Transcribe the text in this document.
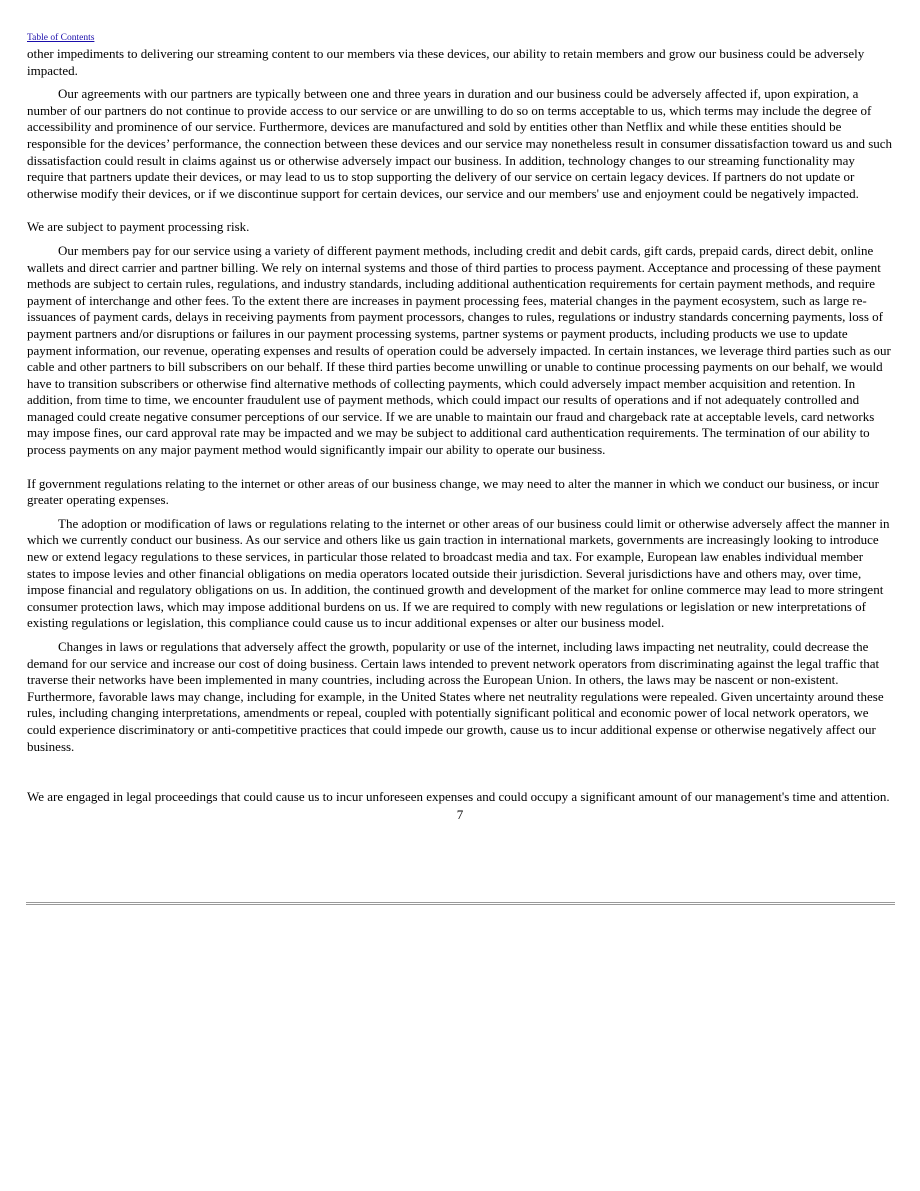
Table of Contents

other impediments to delivering our streaming content to our members via these devices, our ability to retain members and grow our business could be adversely impacted.

Our agreements with our partners are typically between one and three years in duration and our business could be adversely affected if, upon expiration, a number of our partners do not continue to provide access to our service or are unwilling to do so on terms acceptable to us, which terms may include the degree of accessibility and prominence of our service. Furthermore, devices are manufactured and sold by entities other than Netflix and while these entities should be responsible for the devices’ performance, the connection between these devices and our service may nonetheless result in consumer dissatisfaction toward us and such dissatisfaction could result in claims against us or otherwise adversely impact our business. In addition, technology changes to our streaming functionality may require that partners update their devices, or may lead to us to stop supporting the delivery of our service on certain legacy devices. If partners do not update or otherwise modify their devices, or if we discontinue support for certain devices, our service and our members' use and enjoyment could be negatively impacted.

We are subject to payment processing risk.

Our members pay for our service using a variety of different payment methods, including credit and debit cards, gift cards, prepaid cards, direct debit, online wallets and direct carrier and partner billing. We rely on internal systems and those of third parties to process payment. Acceptance and processing of these payment methods are subject to certain rules, regulations, and industry standards, including additional authentication requirements for certain payment methods, and require payment of interchange and other fees. To the extent there are increases in payment processing fees, material changes in the payment ecosystem, such as large re-issuances of payment cards, delays in receiving payments from payment processors, changes to rules, regulations or industry standards concerning payments, loss of payment partners and/or disruptions or failures in our payment processing systems, partner systems or payment products, including products we use to update payment information, our revenue, operating expenses and results of operation could be adversely impacted. In certain instances, we leverage third parties such as our cable and other partners to bill subscribers on our behalf. If these third parties become unwilling or unable to continue processing payments on our behalf, we would have to transition subscribers or otherwise find alternative methods of collecting payments, which could adversely impact member acquisition and retention. In addition, from time to time, we encounter fraudulent use of payment methods, which could impact our results of operations and if not adequately controlled and managed could create negative consumer perceptions of our service. If we are unable to maintain our fraud and chargeback rate at acceptable levels, card networks may impose fines, our card approval rate may be impacted and we may be subject to additional card authentication requirements. The termination of our ability to process payments on any major payment method would significantly impair our ability to operate our business.

If government regulations relating to the internet or other areas of our business change, we may need to alter the manner in which we conduct our business, or incur greater operating expenses.

The adoption or modification of laws or regulations relating to the internet or other areas of our business could limit or otherwise adversely affect the manner in which we currently conduct our business. As our service and others like us gain traction in international markets, governments are increasingly looking to introduce new or extend legacy regulations to these services, in particular those related to broadcast media and tax. For example, European law enables individual member states to impose levies and other financial obligations on media operators located outside their jurisdiction. Several jurisdictions have and others may, over time, impose financial and regulatory obligations on us. In addition, the continued growth and development of the market for online commerce may lead to more stringent consumer protection laws, which may impose additional burdens on us. If we are required to comply with new regulations or legislation or new interpretations of existing regulations or legislation, this compliance could cause us to incur additional expenses or alter our business model.

Changes in laws or regulations that adversely affect the growth, popularity or use of the internet, including laws impacting net neutrality, could decrease the demand for our service and increase our cost of doing business. Certain laws intended to prevent network operators from discriminating against the legal traffic that traverse their networks have been implemented in many countries, including across the European Union. In others, the laws may be nascent or non-existent. Furthermore, favorable laws may change, including for example, in the United States where net neutrality regulations were repealed. Given uncertainty around these rules, including changing interpretations, amendments or repeal, coupled with potentially significant political and economic power of local network operators, we could experience discriminatory or anti-competitive practices that could impede our growth, cause us to incur additional expense or otherwise negatively affect our business.

We are engaged in legal proceedings that could cause us to incur unforeseen expenses and could occupy a significant amount of our management's time and attention.

7
